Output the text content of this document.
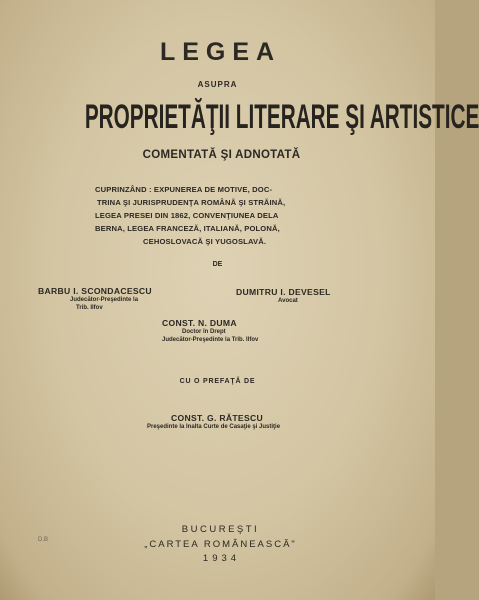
LEGEA
ASUPRA
PROPRIETĂŢII LITERARE ŞI ARTISTICE
COMENTATĂ ŞI ADNOTATĂ
CUPRINZÂND : EXPUNEREA DE MOTIVE, DOC-
TRINA ŞI JURISPRUDENŢA ROMÂNĂ ŞI STRĂINĂ,
LEGEA PRESEI DIN 1862, CONVENŢIUNEA DELA
BERNA, LEGEA FRANCEZĂ, ITALIANĂ, POLONĂ,
CEHOSLOVACĂ ŞI YUGOSLAVĂ.
DE
BARBU I. SCONDACESCU
Judecător-Preşedinte la
Trib. Ilfov
DUMITRU I. DEVESEL
Avocat
CONST. N. DUMA
Doctor în Drept
Judecător-Preşedinte la Trib. Ilfov
CU O PREFAŢĂ DE
CONST. G. RĂTESCU
Preşedinte la Inalta Curte de Casaţie şi Justiţie
D.B
BUCUREŞTI
„CARTEA ROMÂNEASCĂ"
1934
